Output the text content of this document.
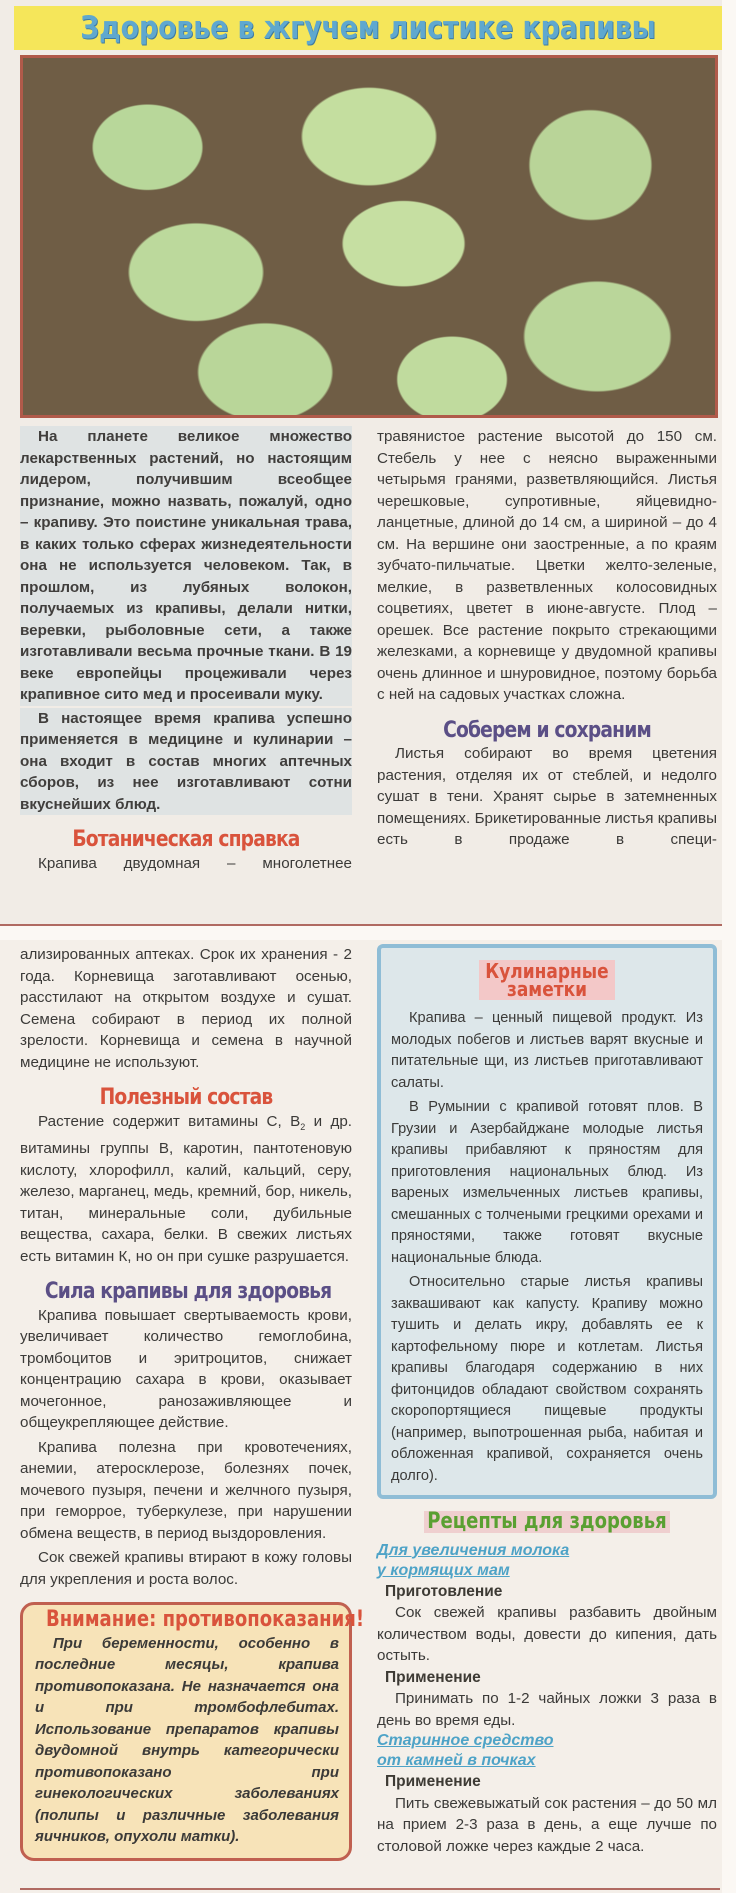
Здоровье в жгучем листике крапивы

На планете великое множество лекарственных растений, но настоящим лидером, получившим всеобщее признание, можно назвать, пожалуй, одно – крапиву. Это поистине уникальная трава, в каких только сферах жизнедеятельности она не используется человеком. Так, в прошлом, из лубяных волокон, получаемых из крапивы, делали нитки, веревки, рыболовные сети, а также изготавливали весьма прочные ткани. В 19 веке европейцы процеживали через крапивное сито мед и просеивали муку.

В настоящее время крапива успешно применяется в медицине и кулинарии – она входит в состав многих аптечных сборов, из нее изготавливают сотни вкуснейших блюд.

Ботаническая справка

Крапива двудомная – многолетнее

травянистое растение высотой до 150 см. Стебель у нее с неясно выраженными четырьмя гранями, разветвляющийся. Листья черешковые, супротивные, яйцевидно-ланцетные, длиной до 14 см, а шириной – до 4 см. На вершине они заостренные, а по краям зубчато-пильчатые. Цветки желто-зеленые, мелкие, в разветвленных колосовидных соцветиях, цветет в июне-августе. Плод – орешек. Все растение покрыто стрекающими железками, а корневище у двудомной крапивы очень длинное и шнуровидное, поэтому борьба с ней на садовых участках сложна.

Соберем и сохраним

Листья собирают во время цветения растения, отделяя их от стеблей, и недолго сушат в тени. Хранят сырье в затемненных помещениях. Брикетированные листья крапивы есть в продаже в специ-

ализированных аптеках. Срок их хранения - 2 года. Корневища заготавливают осенью, расстилают на открытом воздухе и сушат. Семена собирают в период их полной зрелости. Корневища и семена в научной медицине не используют.

Полезный состав

Растение содержит витамины С, $В_2$ и др. витамины группы В, каротин, пантотеновую кислоту, хлорофилл, калий, кальций, серу, железо, марганец, медь, кремний, бор, никель, титан, минеральные соли, дубильные вещества, сахара, белки. В свежих листьях есть витамин К, но он при сушке разрушается.

Сила крапивы для здоровья

Крапива повышает свертываемость крови, увеличивает количество гемоглобина, тромбоцитов и эритроцитов, снижает концентрацию сахара в крови, оказывает мочегонное, ранозаживляющее и общеукрепляющее действие.

Крапива полезна при кровотечениях, анемии, атеросклерозе, болезнях почек, мочевого пузыря, печени и желчного пузыря, при геморрое, туберкулезе, при нарушении обмена веществ, в период выздоровления.

Сок свежей крапивы втирают в кожу головы для укрепления и роста волос.

Внимание: противопоказания!

При беременности, особенно в последние месяцы, крапива противопоказана. Не назначается она и при тромбофлебитах. Использование препаратов крапивы двудомной внутрь категорически противопоказано при гинекологических заболеваниях (полипы и различные заболевания яичников, опухоли матки).

Кулинарные
заметки

Крапива – ценный пищевой продукт. Из молодых побегов и листьев варят вкусные и питательные щи, из листьев приготавливают салаты.

В Румынии с крапивой готовят плов. В Грузии и Азербайджане молодые листья крапивы прибавляют к пряностям для приготовления национальных блюд. Из вареных измельченных листьев крапивы, смешанных с толчеными грецкими орехами и пряностями, также готовят вкусные национальные блюда.

Относительно старые листья крапивы заквашивают как капусту. Крапиву можно тушить и делать икру, добавлять ее к картофельному пюре и котлетам. Листья крапивы благодаря содержанию в них фитонцидов обладают свойством сохранять скоропортящиеся пищевые продукты (например, выпотрошенная рыба, набитая и обложенная крапивой, сохраняется очень долго).

Рецепты для здоровья
Для увеличения молока
у кормящих мам

Приготовление

Сок свежей крапивы разбавить двойным количеством воды, довести до кипения, дать остыть.

Применение

Принимать по 1-2 чайных ложки 3 раза в день во время еды.

Старинное средство
от камней в почках

Применение

Пить свежевыжатый сок растения – до 50 мл на прием 2-3 раза в день, а еще лучше по столовой ложке через каждые 2 часа.
